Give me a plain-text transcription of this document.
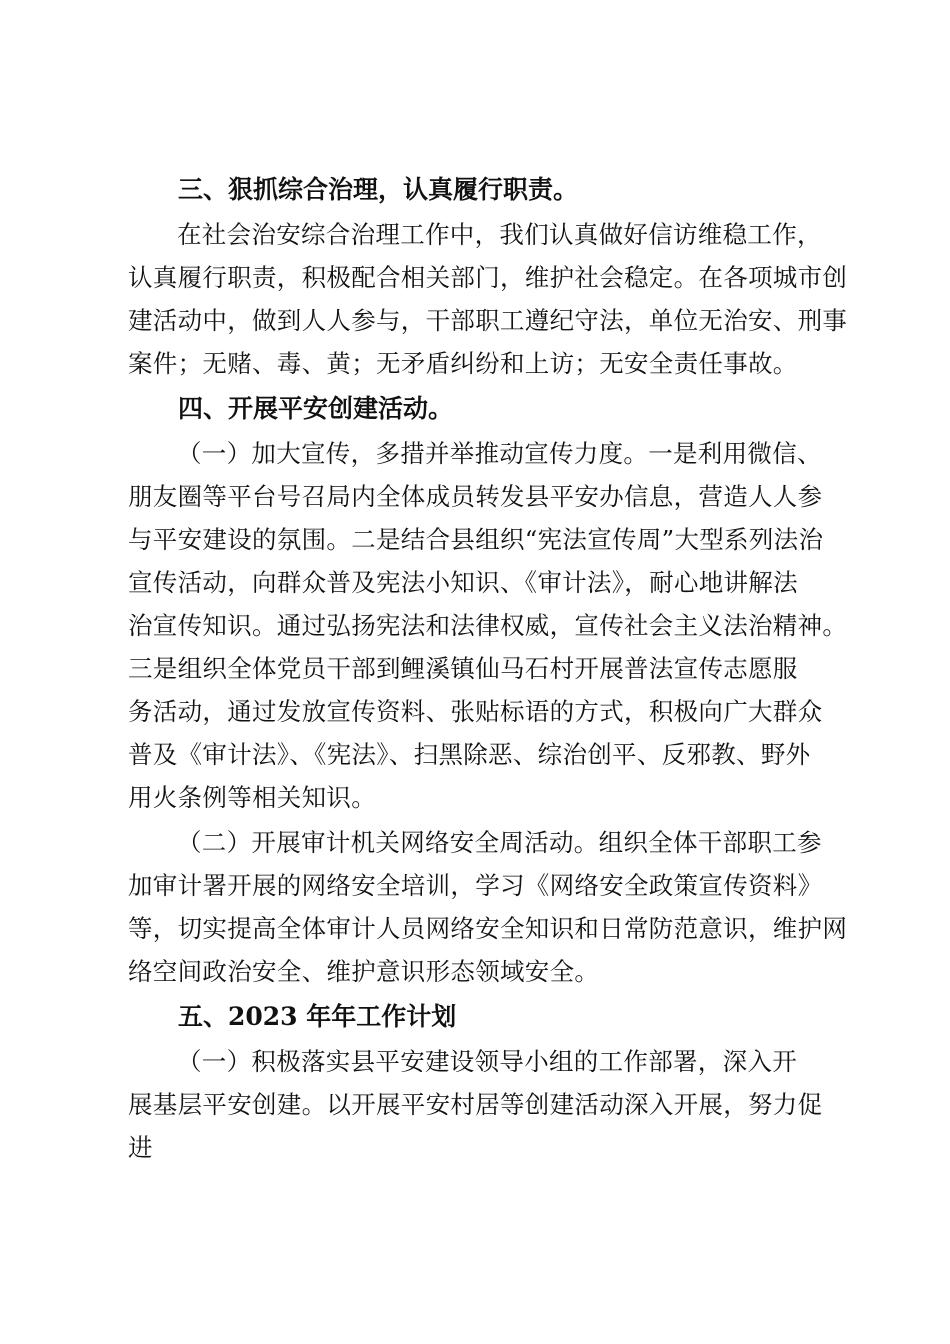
三、狠抓综合治理，认真履行职责。
在社会治安综合治理工作中，我们认真做好信访维稳工作，
认真履行职责，积极配合相关部门，维护社会稳定。在各项城市创
建活动中，做到人人参与，干部职工遵纪守法，单位无治安、刑事
案件；无赌、毒、黄；无矛盾纠纷和上访；无安全责任事故。
四、开展平安创建活动。
（一）加大宣传，多措并举推动宣传力度。一是利用微信、
朋友圈等平台号召局内全体成员转发县平安办信息，营造人人参
与平安建设的氛围。二是结合县组织“宪法宣传周”大型系列法治
宣传活动，向群众普及宪法小知识、《审计法》，耐心地讲解法
治宣传知识。通过弘扬宪法和法律权威，宣传社会主义法治精神。
三是组织全体党员干部到鲤溪镇仙马石村开展普法宣传志愿服
务活动，通过发放宣传资料、张贴标语的方式，积极向广大群众
普及《审计法》、《宪法》、扫黑除恶、综治创平、反邪教、野外
用火条例等相关知识。
（二）开展审计机关网络安全周活动。组织全体干部职工参
加审计署开展的网络安全培训，学习《网络安全政策宣传资料》
等，切实提高全体审计人员网络安全知识和日常防范意识，维护网
络空间政治安全、维护意识形态领域安全。
五、2023 年年工作计划
（一）积极落实县平安建设领导小组的工作部署，深入开
展基层平安创建。以开展平安村居等创建活动深入开展，努力促
进
